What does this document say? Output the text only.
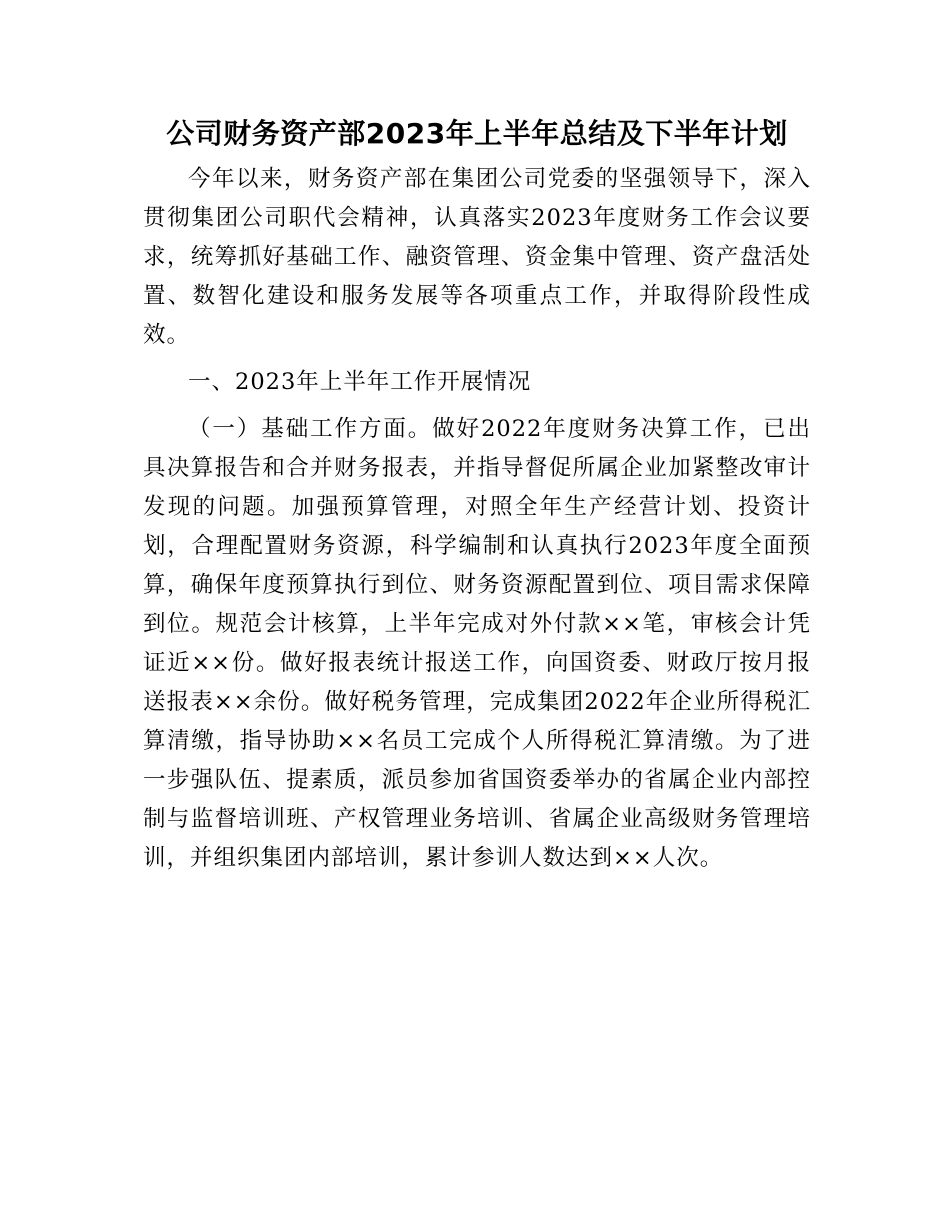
公司财务资产部2023年上半年总结及下半年计划

今年以来，财务资产部在集团公司党委的坚强领导下，深入贯彻集团公司职代会精神，认真落实2023年度财务工作会议要求，统筹抓好基础工作、融资管理、资金集中管理、资产盘活处置、数智化建设和服务发展等各项重点工作，并取得阶段性成效。

一、2023年上半年工作开展情况

（一）基础工作方面。做好2022年度财务决算工作，已出具决算报告和合并财务报表，并指导督促所属企业加紧整改审计发现的问题。加强预算管理，对照全年生产经营计划、投资计划，合理配置财务资源，科学编制和认真执行2023年度全面预算，确保年度预算执行到位、财务资源配置到位、项目需求保障到位。规范会计核算，上半年完成对外付款××笔，审核会计凭证近××份。做好报表统计报送工作，向国资委、财政厅按月报送报表××余份。做好税务管理，完成集团2022年企业所得税汇算清缴，指导协助××名员工完成个人所得税汇算清缴。为了进一步强队伍、提素质，派员参加省国资委举办的省属企业内部控制与监督培训班、产权管理业务培训、省属企业高级财务管理培训，并组织集团内部培训，累计参训人数达到××人次。
